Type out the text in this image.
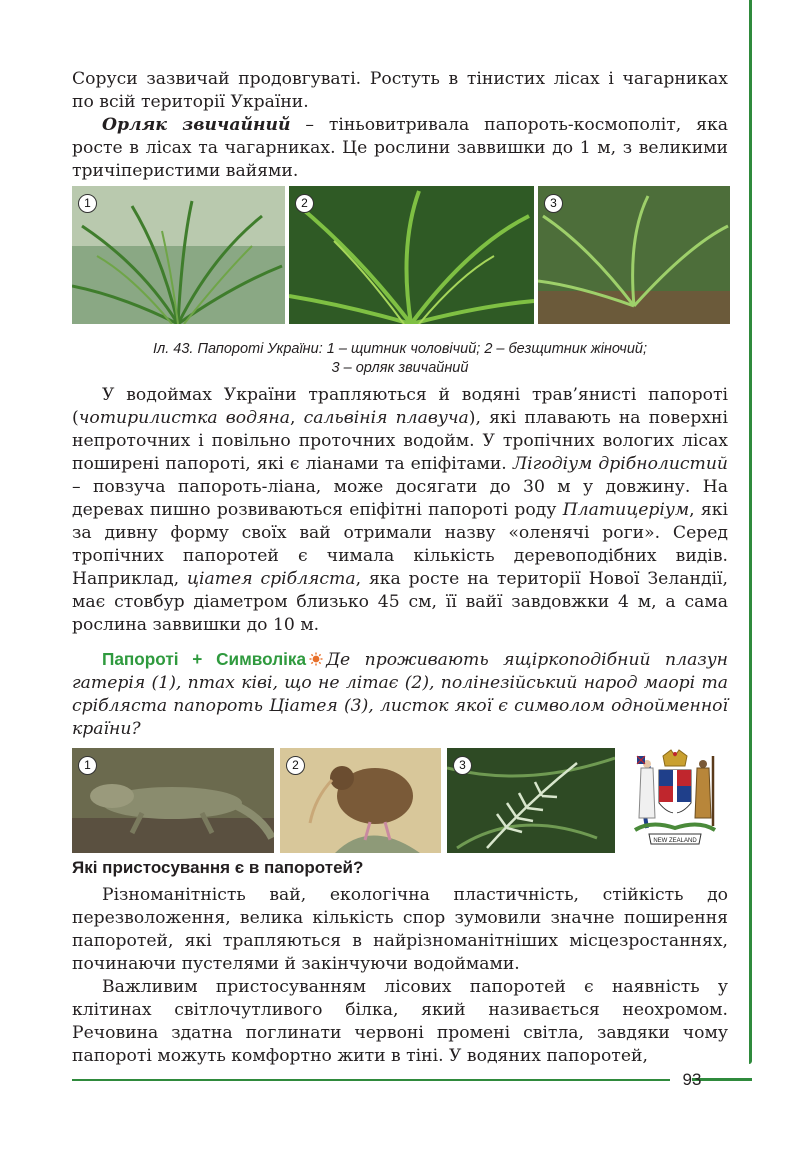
93

Соруси зазвичай продовгуваті. Ростуть в тінистих лісах і чагарниках по всій території України.

Орляк звичайний – тіньовитривала папороть-космополіт, яка росте в лісах та чагарниках. Це рослини заввишки до 1 м, з великими тричіперистими вайями.

1	2	3
Іл. 43. Папороті України: 1 – щитник чоловічий; 2 – безщитник жіночий;
3 – орляк звичайний

У водоймах України трапляються й водяні трав’янисті папороті (чотирилистка водяна, сальвінія плавуча), які плавають на поверхні непроточних і повільно проточних водойм. У тропічних вологих лісах поширені папороті, які є ліанами та епіфітами. Лігодіум дрібнолистий – повзуча папороть-ліана, може досягати до 30 м у довжину. На деревах пишно розвиваються епіфітні папороті роду Платицеріум, які за дивну форму своїх вай отримали назву «оленячі роги». Серед тропічних папоротей є чимала кількість деревоподібних видів. Наприклад, ціатея срібляста, яка росте на території Нової Зеландії, має стовбур діаметром близько 45 см, її вайї завдовжки 4 м, а сама рослина заввишки до 10 м.

Папороті + Символіка Де проживають ящіркоподібний плазун гатерія (1), птах ківі, що не літає (2), полінезійський народ маорі та срібляста папороть Ціатея (3), листок якої є символом однойменної країни?

1	2	3
NEW ZEALAND
Які пристосування є в папоротей?

Різноманітність вай, екологічна пластичність, стійкість до перезволоження, велика кількість спор зумовили значне поширення папоротей, які трапляються в найрізноманітніших місцезростаннях, починаючи пустелями й закінчуючи водоймами.

Важливим пристосуванням лісових папоротей є наявність у клітинах світлочутливого білка, який називається неохромом. Речовина здатна поглинати червоні промені світла, завдяки чому папороті можуть комфортно жити в тіні. У водяних папоротей,
